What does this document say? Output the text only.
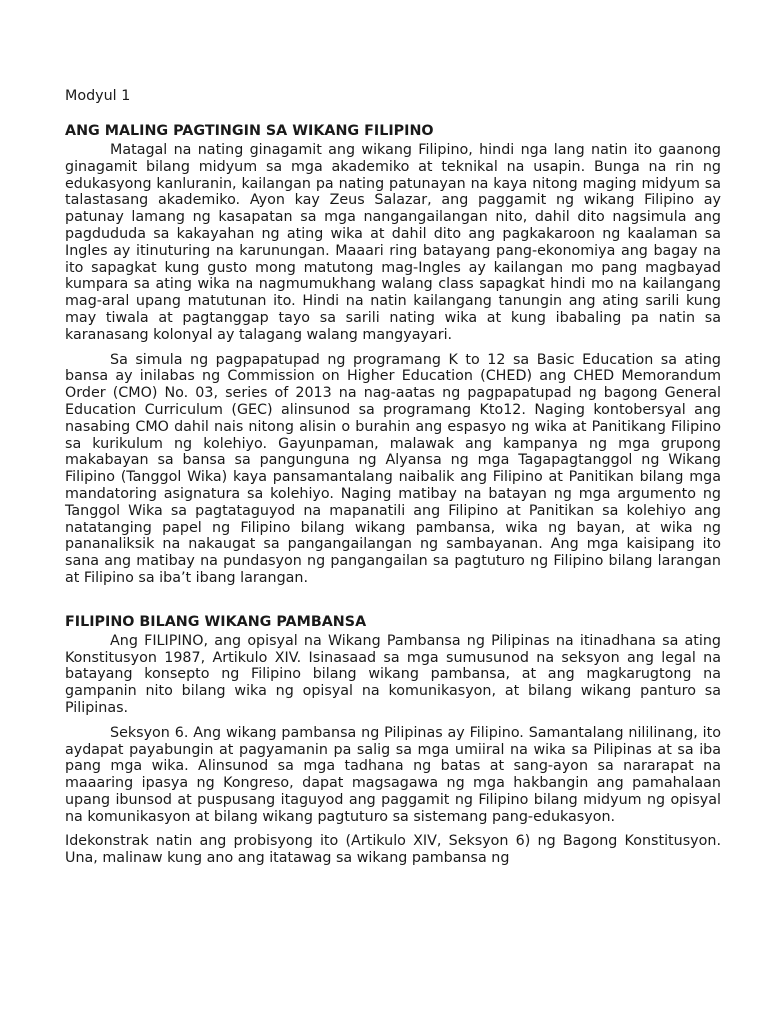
Modyul 1

ANG MALING PAGTINGIN SA WIKANG FILIPINO

Matagal na nating ginagamit ang wikang Filipino, hindi nga lang natin ito gaanong ginagamit bilang midyum sa mga akademiko at teknikal na usapin. Bunga na rin ng edukasyong kanluranin, kailangan pa nating patunayan na kaya nitong maging midyum sa talastasang akademiko. Ayon kay Zeus Salazar, ang paggamit ng wikang Filipino ay patunay lamang ng kasapatan sa mga nangangailangan nito, dahil dito nagsimula ang pagdududa sa kakayahan ng ating wika at dahil dito ang pagkakaroon ng kaalaman sa Ingles ay itinuturing na karunungan. Maaari ring batayang pang-ekonomiya ang bagay na ito sapagkat kung gusto mong matutong mag-Ingles ay kailangan mo pang magbayad kumpara sa ating wika na nagmumukhang walang class sapagkat hindi mo na kailangang mag-aral upang matutunan ito. Hindi na natin kailangang tanungin ang ating sarili kung may tiwala at pagtanggap tayo sa sarili nating wika at kung ibabaling pa natin sa karanasang kolonyal ay talagang walang mangyayari.

Sa simula ng pagpapatupad ng programang K to 12 sa Basic Education sa ating bansa ay inilabas ng Commission on Higher Education (CHED) ang CHED Memorandum Order (CMO) No. 03, series of 2013 na nag-aatas ng pagpapatupad ng bagong General Education Curriculum (GEC) alinsunod sa programang Kto12. Naging kontobersyal ang nasabing CMO dahil nais nitong alisin o burahin ang espasyo ng wika at Panitikang Filipino sa kurikulum ng kolehiyo. Gayunpaman, malawak ang kampanya ng mga grupong makabayan sa bansa sa pangunguna ng Alyansa ng mga Tagapagtanggol ng Wikang Filipino (Tanggol Wika) kaya pansamantalang naibalik ang Filipino at Panitikan bilang mga mandatoring asignatura sa kolehiyo. Naging matibay na batayan ng mga argumento ng Tanggol Wika sa pagtataguyod na mapanatili ang Filipino at Panitikan sa kolehiyo ang natatanging papel ng Filipino bilang wikang pambansa, wika ng bayan, at wika ng pananaliksik na nakaugat sa pangangailangan ng sambayanan. Ang mga kaisipang ito sana ang matibay na pundasyon ng pangangailan sa pagtuturo ng Filipino bilang larangan at Filipino sa iba’t ibang larangan.

FILIPINO BILANG WIKANG PAMBANSA

Ang FILIPINO, ang opisyal na Wikang Pambansa ng Pilipinas na itinadhana sa ating Konstitusyon 1987, Artikulo XIV. Isinasaad sa mga sumusunod na seksyon ang legal na batayang konsepto ng Filipino bilang wikang pambansa, at ang magkarugtong na gampanin nito bilang wika ng opisyal na komunikasyon, at bilang wikang panturo sa Pilipinas.

Seksyon 6. Ang wikang pambansa ng Pilipinas ay Filipino. Samantalang nililinang, ito aydapat payabungin at pagyamanin pa salig sa mga umiiral na wika sa Pilipinas at sa iba pang mga wika. Alinsunod sa mga tadhana ng batas at sang-ayon sa nararapat na maaaring ipasya ng Kongreso, dapat magsagawa ng mga hakbangin ang pamahalaan upang ibunsod at puspusang itaguyod ang paggamit ng Filipino bilang midyum ng opisyal na komunikasyon at bilang wikang pagtuturo sa sistemang pang-edukasyon.

Idekonstrak natin ang probisyong ito (Artikulo XIV, Seksyon 6) ng Bagong Konstitusyon. Una, malinaw kung ano ang itatawag sa wikang pambansa ng
